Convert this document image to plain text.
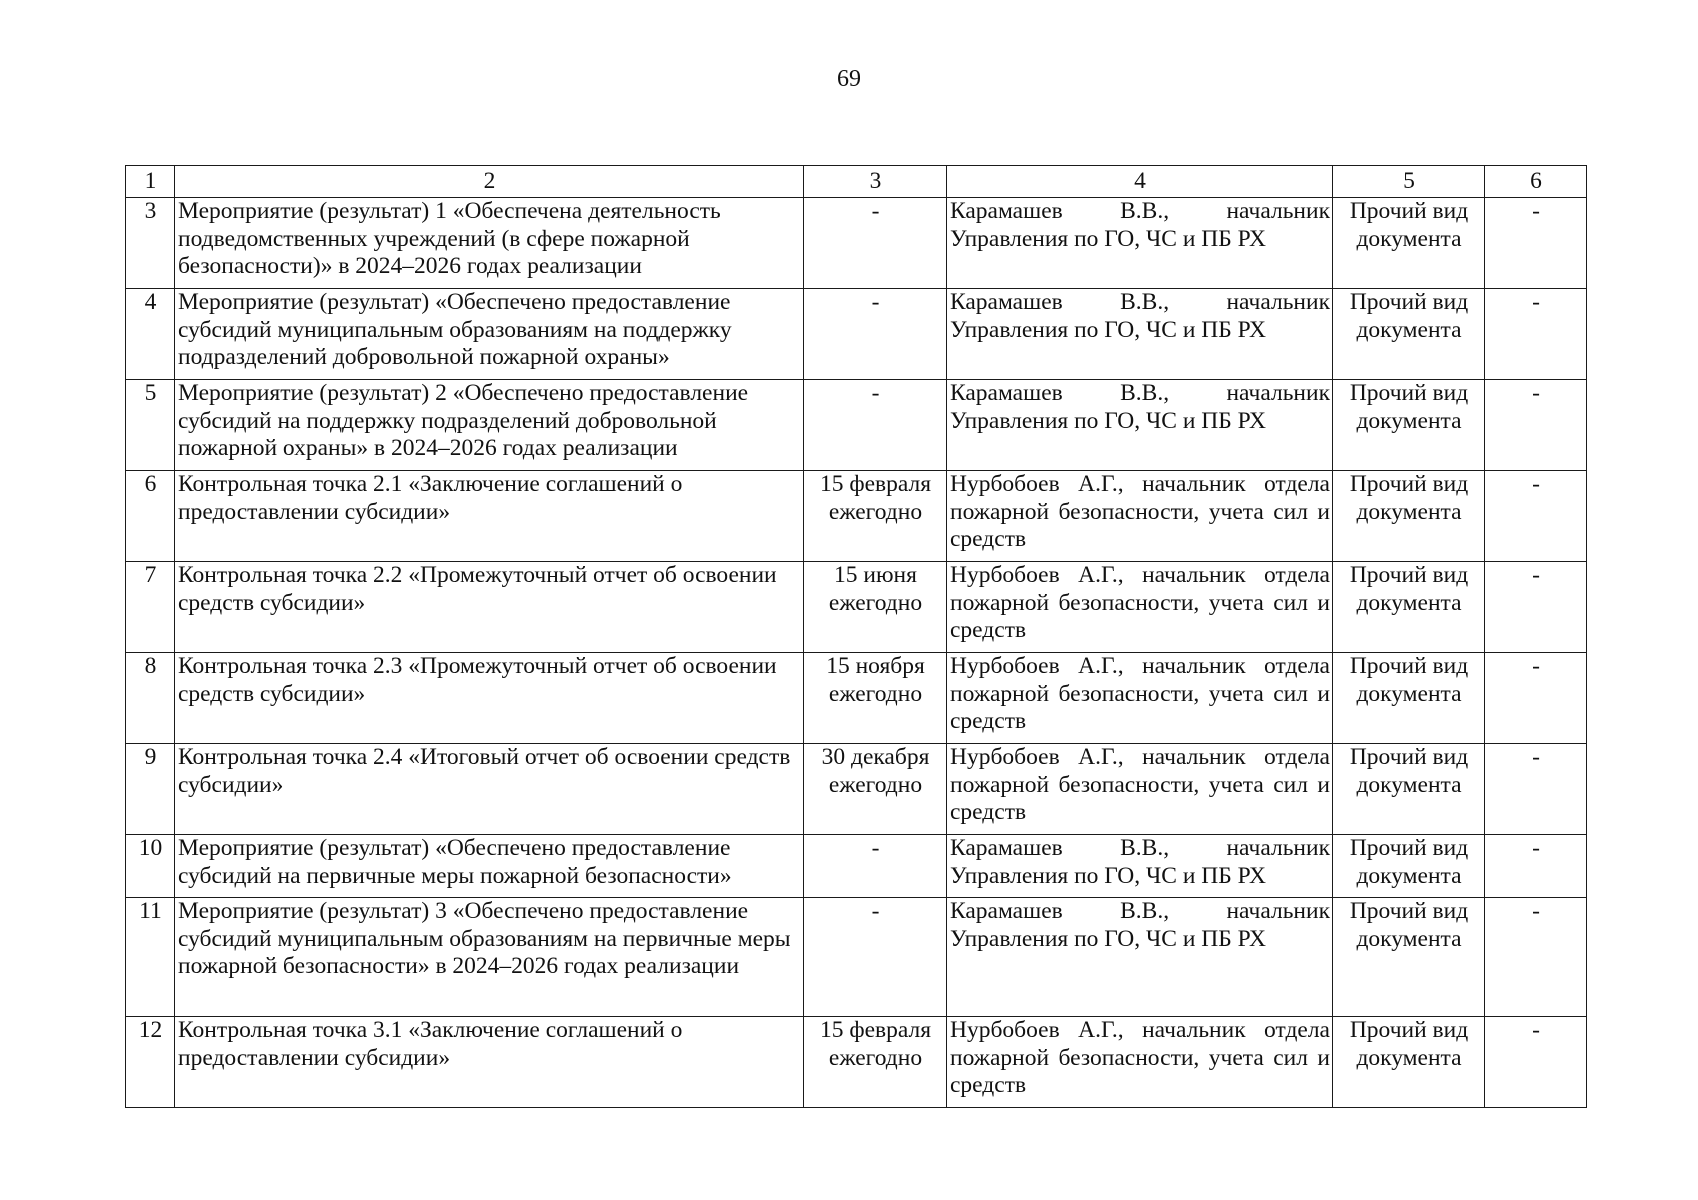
69
1	2	3	4	5	6
3	Мероприятие (результат) 1 «Обеспечена деятельность подведомственных учреждений (в сфере пожарной безопасности)» в 2024–2026 годах реализации	-	Карамашев В.В., начальник Управления по ГО, ЧС и ПБ РХ	Прочий вид документа	-
4	Мероприятие (результат) «Обеспечено предоставление субсидий муниципальным образованиям на поддержку подразделений добровольной пожарной охраны»	-	Карамашев В.В., начальник Управления по ГО, ЧС и ПБ РХ	Прочий вид документа	-
5	Мероприятие (результат) 2 «Обеспечено предоставление субсидий на поддержку подразделений добровольной пожарной охраны» в 2024–2026 годах реализации	-	Карамашев В.В., начальник Управления по ГО, ЧС и ПБ РХ	Прочий вид документа	-
6	Контрольная точка 2.1 «Заключение соглашений о предоставлении субсидии»	15 февраля ежегодно	Нурбобоев А.Г., начальник отдела пожарной безопасности, учета сил и средств	Прочий вид документа	-
7	Контрольная точка 2.2 «Промежуточный отчет об освоении средств субсидии»	15 июня ежегодно	Нурбобоев А.Г., начальник отдела пожарной безопасности, учета сил и средств	Прочий вид документа	-
8	Контрольная точка 2.3 «Промежуточный отчет об освоении средств субсидии»	15 ноября ежегодно	Нурбобоев А.Г., начальник отдела пожарной безопасности, учета сил и средств	Прочий вид документа	-
9	Контрольная точка 2.4 «Итоговый отчет об освоении средств субсидии»	30 декабря ежегодно	Нурбобоев А.Г., начальник отдела пожарной безопасности, учета сил и средств	Прочий вид документа	-
10	Мероприятие (результат) «Обеспечено предоставление субсидий на первичные меры пожарной безопасности»	-	Карамашев В.В., начальник Управления по ГО, ЧС и ПБ РХ	Прочий вид документа	-
11	Мероприятие (результат) 3 «Обеспечено предоставление субсидий муниципальным образованиям на первичные меры пожарной безопасности» в 2024–2026 годах реализации	-	Карамашев В.В., начальник Управления по ГО, ЧС и ПБ РХ	Прочий вид документа	-
12	Контрольная точка 3.1 «Заключение соглашений о предоставлении субсидии»	15 февраля ежегодно	Нурбобоев А.Г., начальник отдела пожарной безопасности, учета сил и средств	Прочий вид документа	-
